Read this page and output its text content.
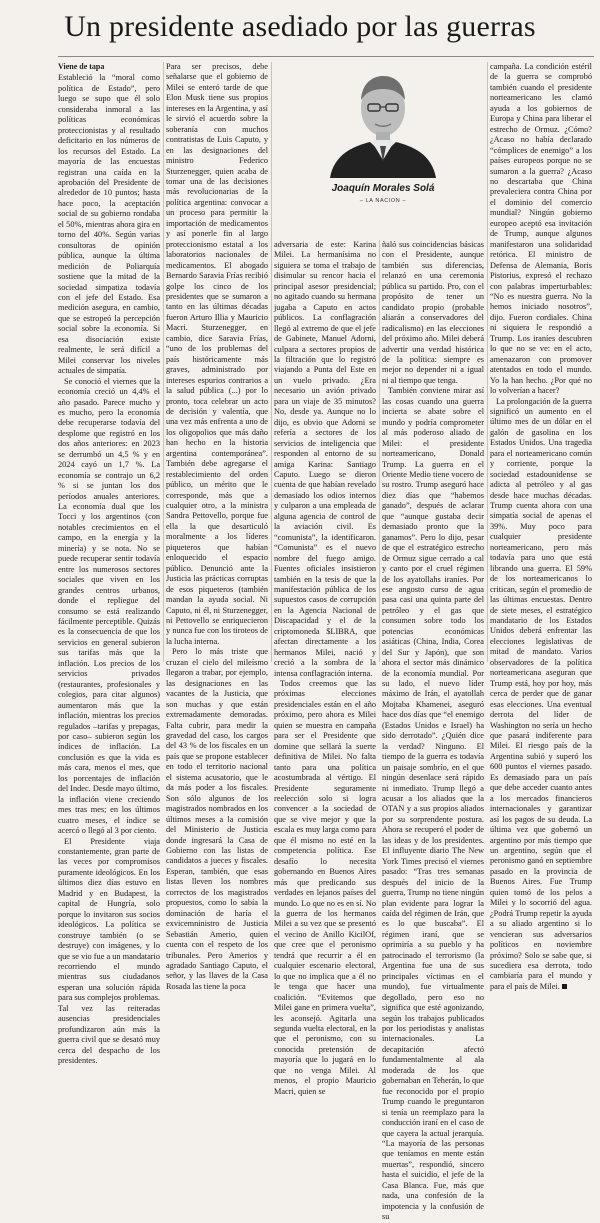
Un presidente asediado por las guerras
Viene de tapa

Estableció la “moral como política de Estado”, pero luego se supo que él solo consideraba inmoral a las políticas económicas proteccionistas y al resultado deficitario en los números de los recursos del Estado. La mayoría de las encuestas registran una caída en la aprobación del Presidente de alrededor de 10 puntos; hasta hace poco, la aceptación social de su gobierno rondaba el 50%, mientras ahora gira en torno del 40%. Según varias consultoras de opinión pública, aunque la última medición de Poliarquía sostiene que la mitad de la sociedad simpatiza todavía con el jefe del Estado. Esa medición asegura, en cambio, que se estropeó la percepción social sobre la economía. Si esa disociación existe realmente, le será difícil a Milei conservar los niveles actuales de simpatía.

Se conoció el viernes que la economía creció un 4,4% el año pasado. Parece mucho y es mucho, pero la economía debe recuperarse todavía del desplome que registró en los dos años anteriores: en 2023 se derrumbó un 4,5 % y en 2024 cayó un 1,7 %. La economía se contrajo un 6,2 % si se juntan los dos períodos anuales anteriores. La economía dual que los Tocci y los argentinos (con notables crecimientos en el campo, en la energía y la minería) y se nota. No se puede recuperar sentir todavía entre los numerosos sectores sociales que viven en los grandes centros urbanos, donde el repliegue del consumo se está realizando fácilmente perceptible. Quizás es la consecuencia de que los servicios en general subieron sus tarifas más que la inflación. Los precios de los servicios privados (restaurantes, profesionales y colegios, para citar algunos) aumentaron más que la inflación, mientras los precios regulados –tarifas y prepagas, por caso– subieron según los índices de inflación. La conclusión es que la vida es más cara, menos el mes, que los porcentajes de inflación del Indec. Desde mayo último, la inflación viene creciendo mes tras mes; en los últimos cuatro meses, el índice se acercó o llegó al 3 por ciento.

El Presidente viaja constantemente, gran parte de las veces por compromisos puramente ideológicos. En los últimos diez días estuvo en Madrid y en Budapest, la capital de Hungría, solo porque lo invitaron sus socios ideológicos. La política se construye también (o se destruye) con imágenes, y lo que se vio fue a un mandatario recorriendo el mundo mientras sus ciudadanos esperan una solución rápida para sus complejos problemas. Tal vez las reiteradas ausencias presidenciales profundizaron aún más la guerra civil que se desató muy cerca del despacho de los presidentes.

Para ser precisos, debe señalarse que el gobierno de Milei se enteró tarde de que Elon Musk tiene sus propios intereses en la Argentina, y así le sirvió el acuerdo sobre la soberanía con muchos contratistas de Luis Caputo, y en las designaciones del ministro Federico Sturzenegger, quien acaba de tomar una de las decisiones más revolucionarias de la política argentina: convocar a un proceso para permitir la importación de medicamentos y así ponerle fin al largo proteccionismo estatal a los laboratorios nacionales de medicamentos. El abogado Bernardo Saravia Frías recibió golpe los cinco de los presidentes que se sumaron a tanto en las últimas décadas fueron Arturo Illia y Mauricio Macri. Sturzenegger, en cambio, dice Saravia Frías, “uno de los problemas del país históricamente más graves, administrado por intereses espurios contrarios a la salud pública (...) por lo pronto, toca celebrar un acto de decisión y valentía, que una vez más enfrenta a uno de los oligopolios que más daño han hecho en la historia argentina contemporánea”. También debe agregarse el restablecimiento del orden público, un mérito que le corresponde, más que a cualquier otro, a la ministra Sandra Pettovello, porque fue ella la que desarticuló moralmente a los líderes piqueteros que habían enloquecido el espacio público. Denunció ante la Justicia las prácticas corruptas de esos piqueteros (también mandan la ayuda social. Ni Caputo, ni él, ni Sturzenegger, ni Pettovello se enriquecieron y nunca fue con los tiroteos de la lucha interna.

Pero lo más triste que cruzan el cielo del mileísmo llegaron a trabar, por ejemplo, las designaciones en las vacantes de la Justicia, que son muchas y que están extremadamente demoradas. Falta cubrir, para medir la gravedad del caso, los cargos del 43 % de los fiscales en un país que se propone establecer en todo el territorio nacional el sistema acusatorio, que le da más poder a los fiscales. Son sólo algunos de los magistrados nombrados en los últimos meses a la comisión del Ministerio de Justicia donde ingresará la Casa de Gobierno con las listas de candidatos a jueces y fiscales. Esperan, también, que esas listas lleven los nombres correctos de los magistrados propuestos, como lo sabía la dominación de haría el exvicemninistro de Justicia Sebastián Amerio, quien cuenta con el respeto de los tribunales. Pero Amerios y agradado Santiago Caputo, el señor, y las llaves de la Casa Rosada las tiene la poca

Joaquín Morales Solá
– LA NACION –

adversaria de este: Karina Milei. La hermanísima no siguiera se toma el trabajo de disimular su rencor hacia el principal asesor presidencial; no agitado cuando su hermana jugaba a Caputo en actos públicos. La conflagración llegó al extremo de que el jefe de Gabinete, Manuel Adorni, culpara a sectores propios de la filtración que lo registró viajando a Punta del Este en un vuelo privado. ¿Era necesario un avión privado para un viaje de 35 minutos? No, desde ya. Aunque no lo dijo, es obvio que Adorni se refería a sectores de los servicios de inteligencia que responden al entorno de su amiga Karina: Santiago Caputo. Luego se dieron cuenta de que habían revelado demasiado los odios internos y culparon a una empleada de alguna agencia de control de la aviación civil. Es “comunista”, la identificaron. “Comunista” es el nuevo nombre del fuego amigo. Fuentes oficiales insistieron también en la tesis de que la manifestación pública de los supuestos casos de corrupción en la Agencia Nacional de Discapacidad y el de la criptomoneda $LIBRA, que afectan directamente a los hermanos Milei, nació y creció a la sombra de la intensa conflagración interna.

Todos creemos que las próximas elecciones presidenciales están en el año próximo, pero ahora es Milei quien se muestra en campaña para ser el Presidente que domine que sellará la suerte definitiva de Milei. No falta tanto para una política acostumbrada al vértigo. El Presidente seguramente reelección solo si logra convencer a la sociedad de que se vive mejor y que la escala es muy larga como para que él mismo no esté en la competencia política. Ese desafío lo necesita gobernando en Buenos Aires más que predicando sus verdades en lejanos países del mundo. Lo que no es en sí. No la guerra de los hermanos Milei a su vez que se presentó el vecino de Anillo KicilOf, que cree que el peronismo tendrá que recurrir a él en cualquier escenario electoral, lo que no implica que a él no le tenga que hacer una coalición. “Evitemos que Milei gane en primera vuelta”, les aconsejó. Agitarla una segunda vuelta electoral, en la que el peronismo, con su conocida pretensión de mayoría que lo jugará en lo que no venga Milei. Al menos, el propio Mauricio Macri, quien se

ñaló sus coincidencias básicas con el Presidente, aunque también sus diferencias, relanzó en una ceremonia pública su partido. Pro, con el propósito de tener un candidato propio (probable aliarán a conservadores del radicalismo) en las elecciones del próximo año. Milei deberá advertir una verdad histórica de la política: siempre es mejor no depender ni a igual ni al tiempo que tenga.

También conviene mirar así las cosas cuando una guerra incierta se abate sobre el mundo y podría comprometer al más poderoso aliado de Milei: el presidente norteamericano, Donald Trump. La guerra en el Oriente Medio tiene vocero de su rostro. Trump aseguró hace diez días que “habemos ganado”, después de aclarar que “aunque gustaba decir demasiado pronto que la ganamos”. Pero lo dijo, pesar de que el estratégico estrecho de Ormuz sigue cerrado a cal y canto por el cruel régimen de los ayatollahs iraníes. Por ese angosto curso de agua pasa casi una quinta parte del petróleo y el gas que consumen sobre todo los potencias económicas asiáticas (China, India, Corea del Sur y Japón), que son ahora el sector más dinámico de la economía mundial. Por su lado, el nuevo líder máximo de Irán, el ayatollah Mojtaba Khamenei, aseguró hace dos días que “el enemigo (Estados Unidos e Israel) ha sido derrotado”. ¿Quién dice la verdad? Ninguno. El tiempo de la guerra es todavía un paisaje sombrío, en el que ningún desenlace será rápido ni inmediato. Trump llegó a acusar a los aliados que la OTAN y a sus propios aliados por su sorprendente postura. Ahora se recuperó el poder de las ideas y de los presidentes. El influyente diario The New York Times precisó el viernes pasado: “Tras tres semanas después del inicio de la guerra, Trump no tiene ningún plan evidente para lograr la caída del régimen de Irán, que es lo que buscaba”. El régimen iraní, que se oprimiría a su pueblo y ha patrocinado el terrorismo (la Argentina fue una de sus principales víctimas en el mundo), fue virtualmente degollado, pero eso no significa que esté agonizando, según los trabajos publicados por los periodistas y analistas internacionales. La decapitación afectó fundamentalmente al ala moderada de los que gobernaban en Teherán, lo que fue reconocido por el propio Trump cuando le preguntaron si tenía un reemplazo para la conducción iraní en el caso de que cayera la actual jerarquía. “La mayoría de las personas que teníamos en mente están muertas”, respondió, sincero hasta el suicidio, el jefe de la Casa Blanca. Fue, más que nada, una confesión de la impotencia y la confusión de su

campaña. La condición estéril de la guerra se comprobó también cuando el presidente norteamericano les clamó ayuda a los gobiernos de Europa y China para liberar el estrecho de Ormuz. ¿Cómo? ¿Acaso no había declarado “cómplices de enemigo” a los países europeos porque no se sumaron a la guerra? ¿Acaso no descartaba que China prevaleciera contra China por el dominio del comercio mundial? Ningún gobierno europeo aceptó esa invitación de Trump, aunque algunos manifestaron una solidaridad retórica. El ministro de Defensa de Alemania, Boris Pistorius, expresó el rechazo con palabras imperturbables: “No es nuestra guerra. No la hemos iniciado nosotros”, dijo. Fueron cordiales. China ni siquiera le respondió a Trump. Los iraníes descubren lo que no se ve: en el acto, amenazaron con promover atentados en todo el mundo. Yo la han hecho. ¿Por qué no lo volverían a hacer?

La prolongación de la guerra significó un aumento en el último mes de un dólar en el galón de gasolina en los Estados Unidos. Una tragedia para el norteamericano común y corriente, porque la sociedad estadounidense se adicta al petróleo y al gas desde hace muchas décadas. Trump cuenta ahora con una simpatía social de apenas el 39%. Muy poco para cualquier presidente norteamericano, pero más todavía para uno que está librando una guerra. El 59% de los norteamericanos lo critican, según el promedio de las últimas encuestas. Dentro de siete meses, el estratégico mandatario de los Estados Unidos deberá enfrentar las elecciones legislativas de mitad de mandato. Varios observadores de la política norteamericana aseguran que Trump está, hoy por hoy, más cerca de perder que de ganar esas elecciones. Una eventual derrota del líder de Washington no sería un hecho que pasará indiferente para Milei. El riesgo país de la Argentina subió y superó los 600 puntos el viernes pasado. Es demasiado para un país que debe acceder cuanto antes a los mercados financieros internacionales y garantizar así los pagos de su deuda. La última vez que gobernó un argentino por más tiempo que un argentino, según que el peronismo ganó en septiembre pasado en la provincia de Buenos Aires. Fue Trump quien tomó de los pelos a Milei y lo socorrió del agua. ¿Podrá Trump repetir la ayuda a su aliado argentino si lo vencieran sus adversarios políticos en noviembre próximo? Solo se sabe que, si sucediera esa derrota, todo cambiaría para el mundo y para el país de Milei.
